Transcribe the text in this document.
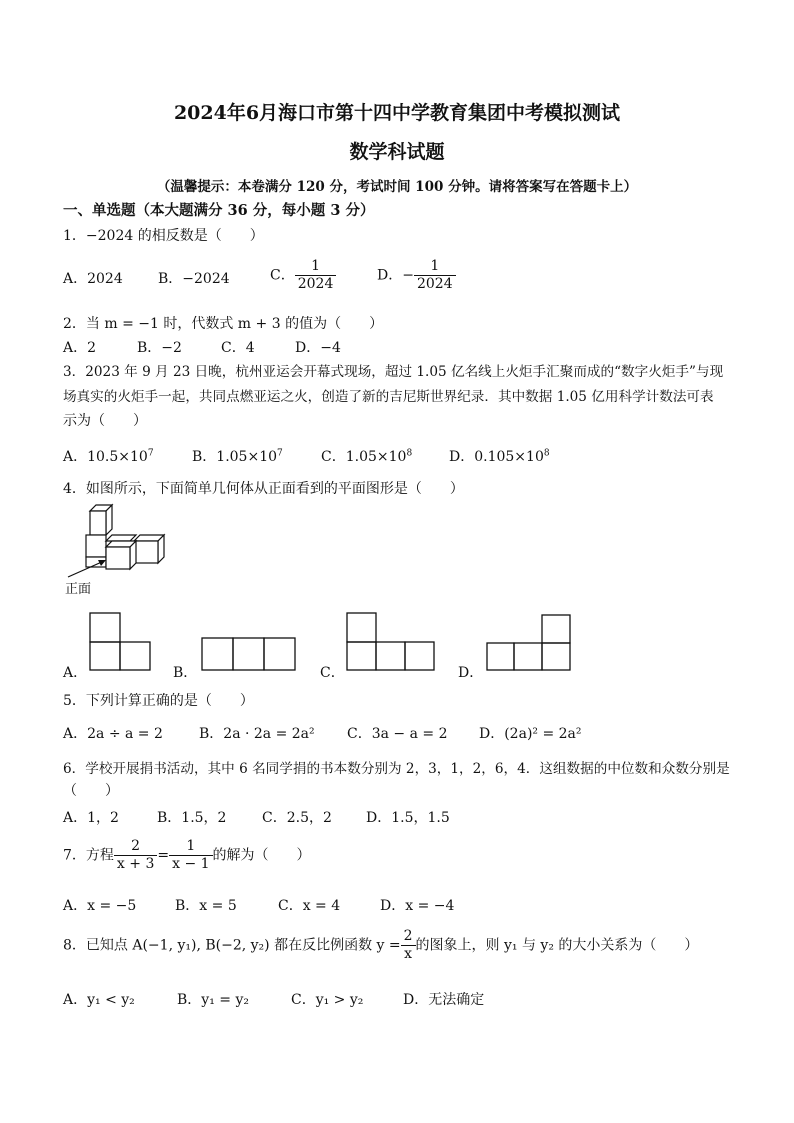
2024年6月海口市第十四中学教育集团中考模拟测试
数学科试题
（温馨提示：本卷满分 120 分，考试时间 100 分钟。请将答案写在答题卡上）
一、单选题（本大题满分 36 分，每小题 3 分）
1．−2024 的相反数是（　　）
A．2024	B．−2024	C． $\frac{1}{2024}$	D．− $\frac{1}{2024}$
2．当 m = −1 时，代数式 m + 3 的值为（　　）
A．2	B．−2	C．4	D．−4
3．2023 年 9 月 23 日晚，杭州亚运会开幕式现场，超过 1.05 亿名线上火炬手汇聚而成的“数字火炬手”与现
场真实的火炬手一起，共同点燃亚运之火，创造了新的吉尼斯世界纪录．其中数据 1.05 亿用科学计数法可表
示为（　　）
A．$10.5\times 10^7$	B．$1.05\times 10^7$	C．$1.05\times 10^8$	D．$0.105\times 10^8$
4．如图所示，下面简单几何体从正面看到的平面图形是（　　）
正面
A．	B．	C．	D．
5．下列计算正确的是（　　）
A．2a ÷ a = 2	B．2a · 2a = 2a² C．3a − a = 2 D．(2a)² = 2a²
6．学校开展捐书活动，其中 6 名同学捐的书本数分别为 2，3，1，2，6，4．这组数据的中位数和众数分别是
（　　）
A．1，2	B．1.5，2	C．2.5，2 D．1.5，1.5
7．方程 $\frac{2}{x + 3} = \frac{1}{x - 1}$ 的解为（　　）
A．x = −5	B．x = 5	C．x = 4	D．x = −4
8．已知点 A(−1, y₁), B(−2, y₂) 都在反比例函数 $y = \frac{2}{x}$ 的图象上，则 y₁ 与 y₂ 的大小关系为（　　）
A．y₁ < y₂	B．y₁ = y₂	C．y₁ > y₂	D．无法确定
